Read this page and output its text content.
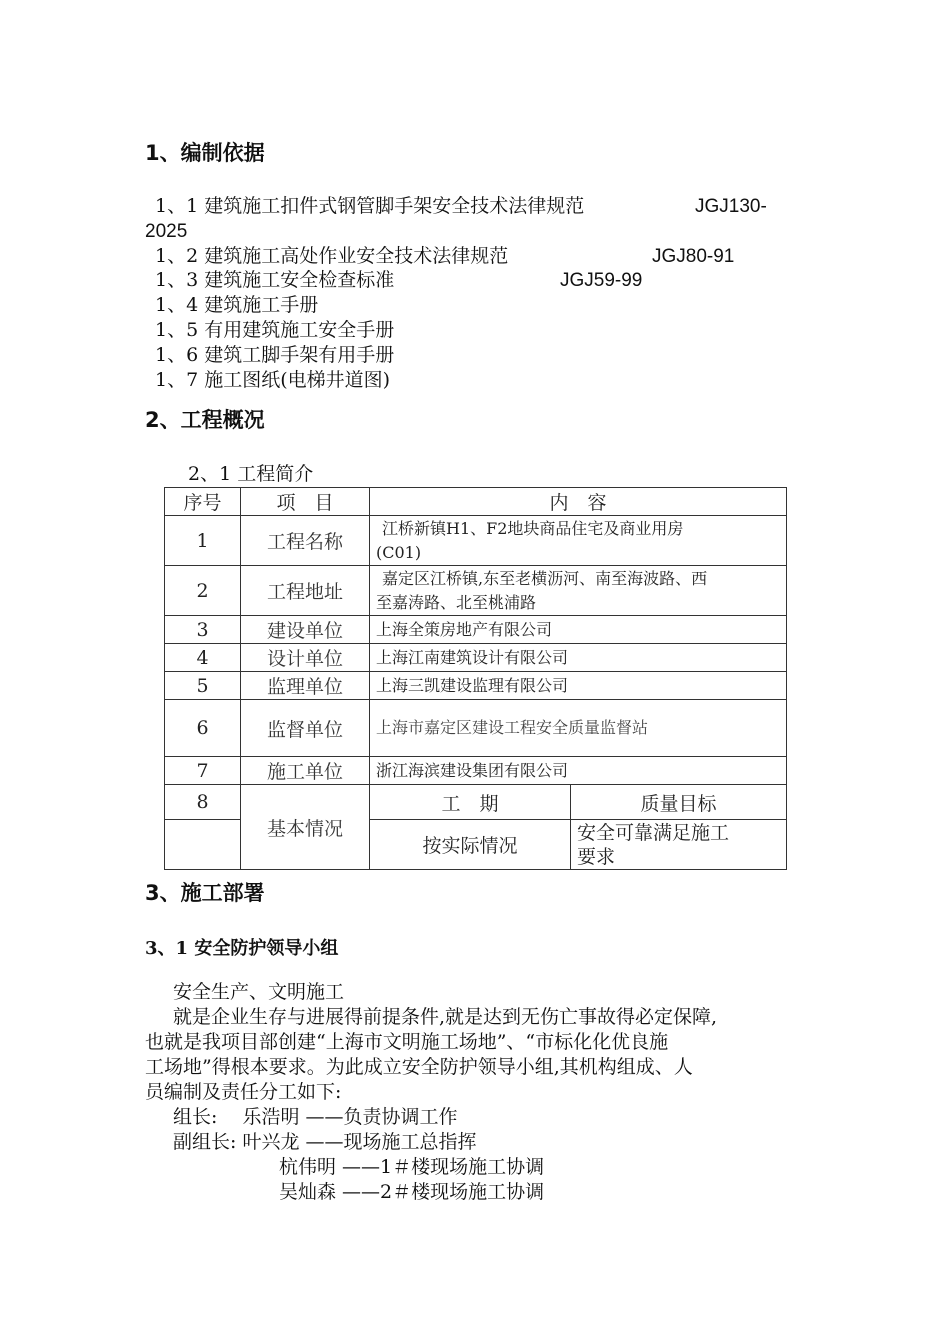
1、编制依据
1、1 建筑施工扣件式钢管脚手架安全技术法律规范	JGJ130-
2025
1、2 建筑施工高处作业安全技术法律规范	JGJ80-91
1、3 建筑施工安全检查标准	JGJ59-99
1、4 建筑施工手册
1、5 有用建筑施工安全手册
1、6 建筑工脚手架有用手册
1、7 施工图纸(电梯井道图)
2、工程概况
2、1 工程简介
序号	项　目	内　容	
1	工程名称	江桥新镇H1、F2地块商品住宅及商业用房
(C01)	

2	工程地址	嘉定区江桥镇,东至老横沥河、南至海波路、西
至嘉涛路、北至桃浦路	

3	建设单位	上海全策房地产有限公司	
4	设计单位	上海江南建筑设计有限公司	
5	监理单位	上海三凯建设监理有限公司	
6	监督单位	上海市嘉定区建设工程安全质量监督站	
7	施工单位	浙江海滨建设集团有限公司	
8	基本情况	工　期	质量目标
		按实际情况	安全可靠满足施工
要求
3、施工部署
3、1 安全防护领导小组
安全生产、文明施工
就是企业生存与进展得前提条件,就是达到无伤亡事故得必定保障,
也就是我项目部创建“上海市文明施工场地”、“市标化化优良施
工场地”得根本要求。为此成立安全防护领导小组,其机构组成、人
员编制及责任分工如下:
组长:　 乐浩明 ——负责协调工作
副组长: 叶兴龙 ——现场施工总指挥
杭伟明 ——1＃楼现场施工协调
吴灿森 ——2＃楼现场施工协调
